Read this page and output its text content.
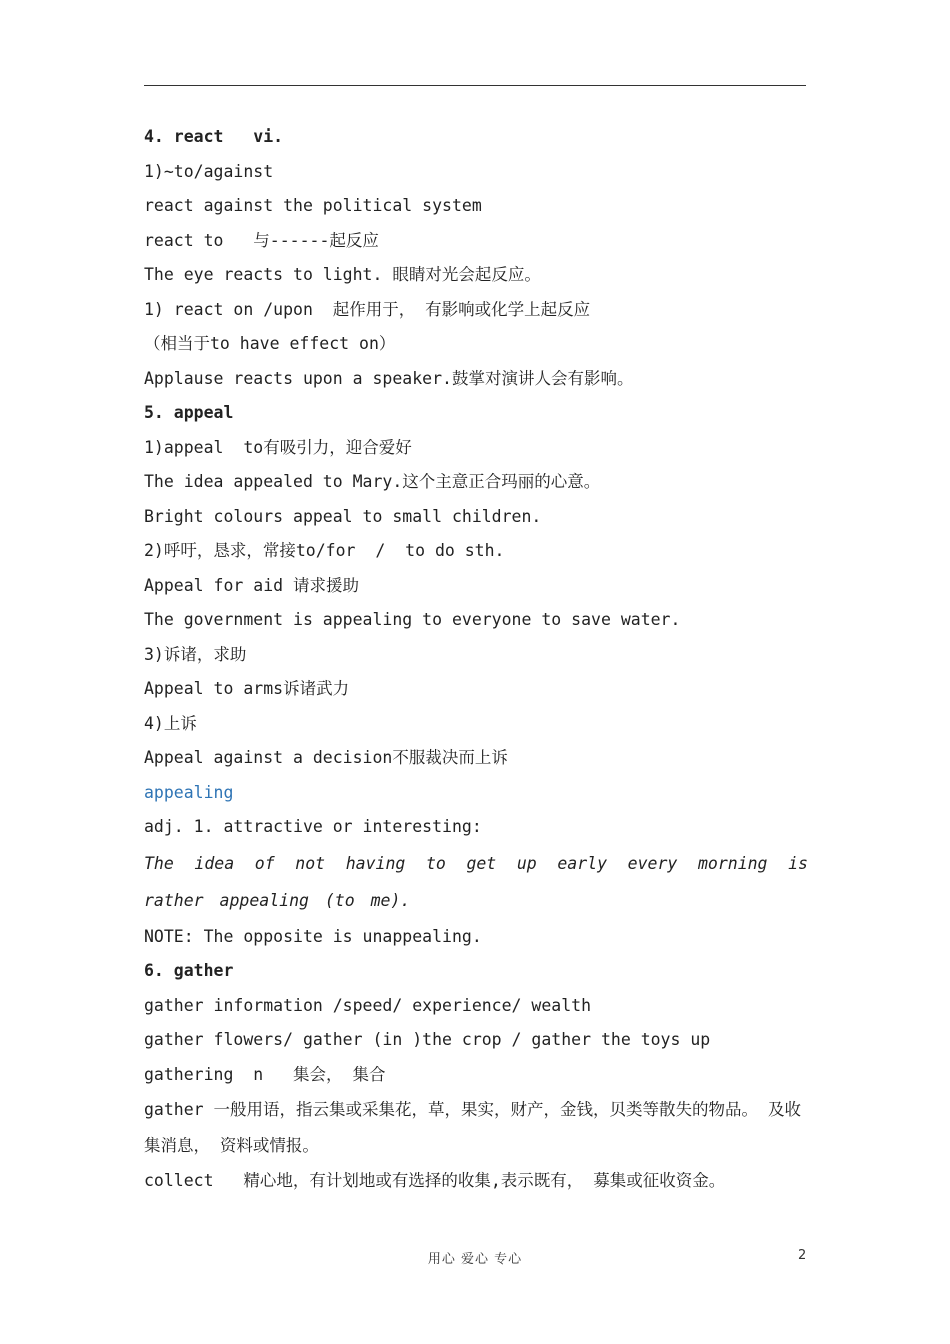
4. react   vi.
1)~to/against
react against the political system
react to   与------起反应
The eye reacts to light. 眼睛对光会起反应。
1) react on /upon  起作用于， 有影响或化学上起反应
（相当于to have effect on）
Applause reacts upon a speaker.鼓掌对演讲人会有影响。
5. appeal
1)appeal  to有吸引力，迎合爱好
The idea appealed to Mary.这个主意正合玛丽的心意。
Bright colours appeal to small children.
2)呼吁，恳求，常接to/for  /  to do sth.
Appeal for aid 请求援助
The government is appealing to everyone to save water.
3)诉诸，求助
Appeal to arms诉诸武力
4)上诉
Appeal against a decision不服裁决而上诉
appealing
adj. 1. attractive or interesting:
The idea of not having to get up early every morning is rather appealing (to me).
NOTE: The opposite is unappealing.
6. gather
gather information /speed/ experience/ wealth
gather flowers/ gather (in )the crop / gather the toys up
gathering  n   集会， 集合
gather 一般用语，指云集或采集花，草，果实，财产，金钱，贝类等散失的物品。 及收集消息， 资料或情报。
collect   精心地，有计划地或有选择的收集,表示既有， 募集或征收资金。
用心 爱心 专心	2
